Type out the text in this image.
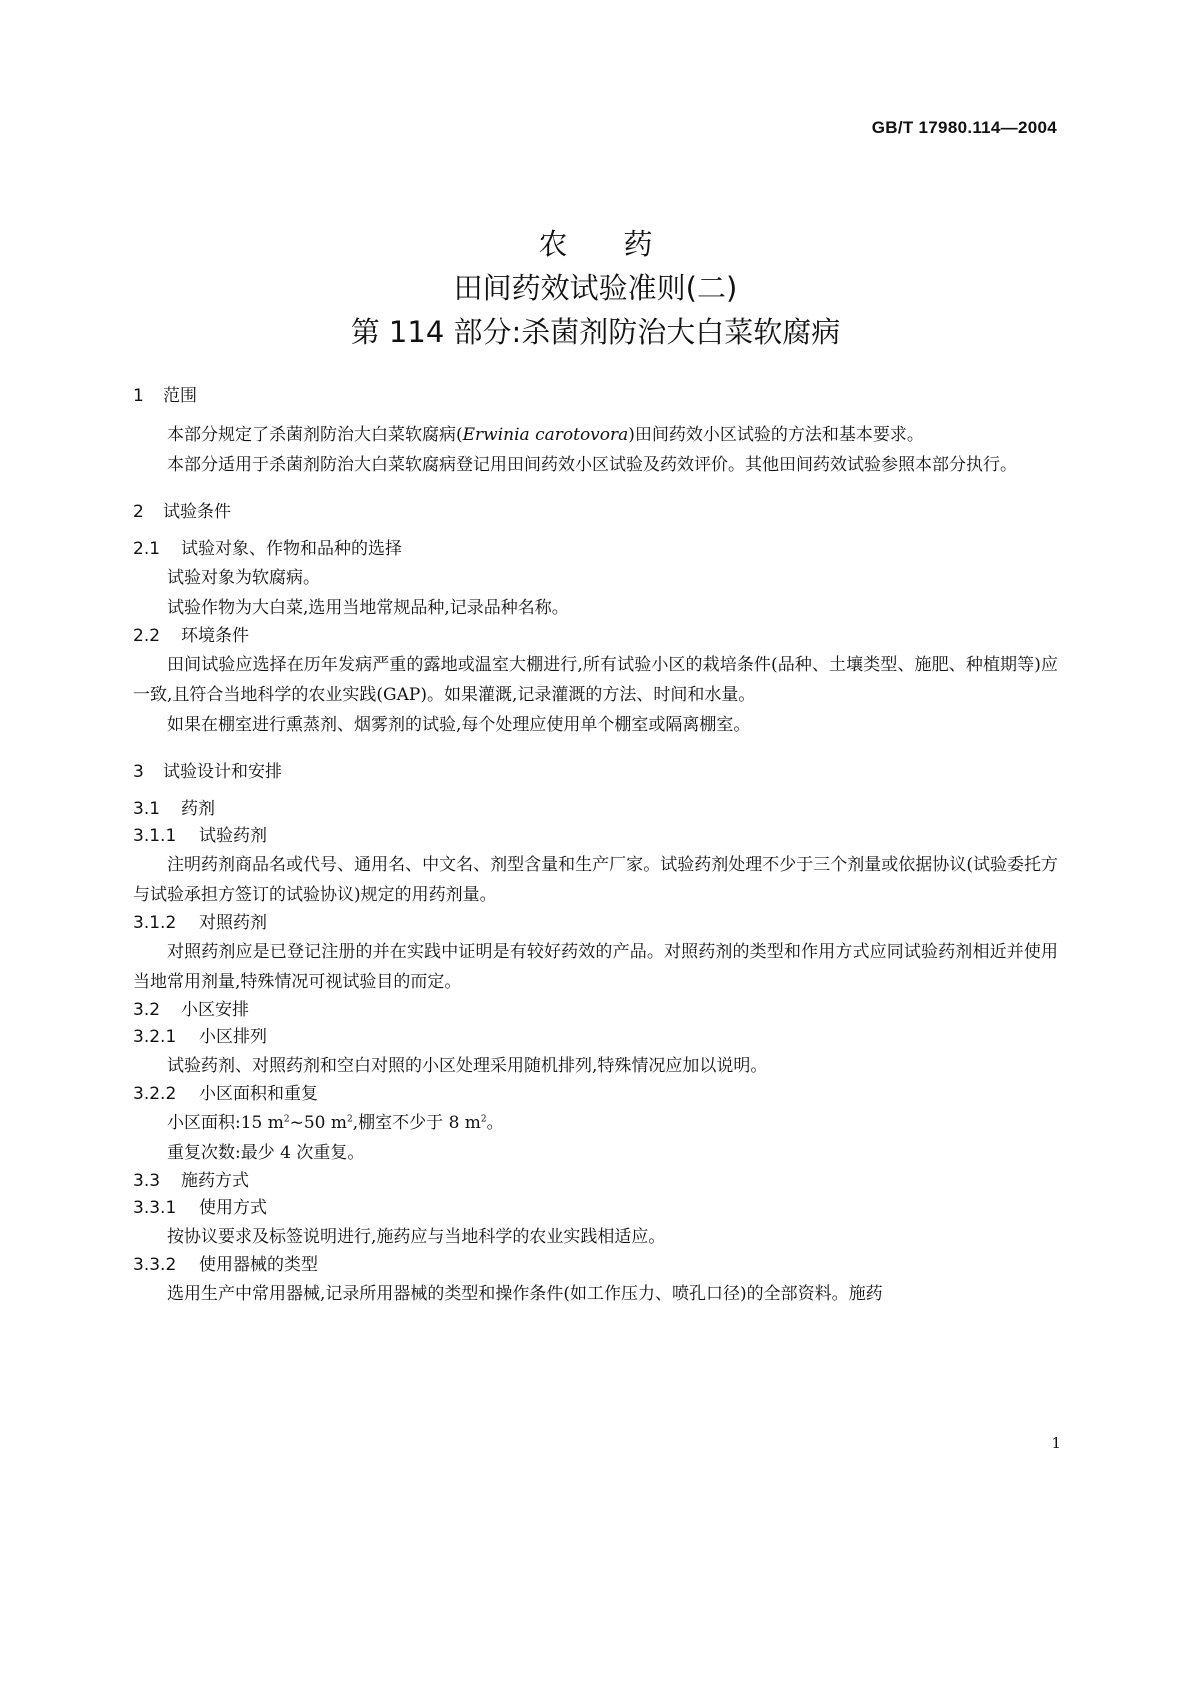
GB/T 17980.114—2004
农药
田间药效试验准则(二)
第 114 部分:杀菌剂防治大白菜软腐病
1 范围

本部分规定了杀菌剂防治大白菜软腐病(Erwinia carotovora)田间药效小区试验的方法和基本要求。

本部分适用于杀菌剂防治大白菜软腐病登记用田间药效小区试验及药效评价。其他田间药效试验参照本部分执行。

2 试验条件
2.1 试验对象、作物和品种的选择

试验对象为软腐病。

试验作物为大白菜,选用当地常规品种,记录品种名称。

2.2 环境条件

田间试验应选择在历年发病严重的露地或温室大棚进行,所有试验小区的栽培条件(品种、土壤类型、施肥、种植期等)应一致,且符合当地科学的农业实践(GAP)。如果灌溉,记录灌溉的方法、时间和水量。

如果在棚室进行熏蒸剂、烟雾剂的试验,每个处理应使用单个棚室或隔离棚室。

3 试验设计和安排
3.1 药剂
3.1.1 试验药剂

注明药剂商品名或代号、通用名、中文名、剂型含量和生产厂家。试验药剂处理不少于三个剂量或依据协议(试验委托方与试验承担方签订的试验协议)规定的用药剂量。

3.1.2 对照药剂

对照药剂应是已登记注册的并在实践中证明是有较好药效的产品。对照药剂的类型和作用方式应同试验药剂相近并使用当地常用剂量,特殊情况可视试验目的而定。

3.2 小区安排
3.2.1 小区排列

试验药剂、对照药剂和空白对照的小区处理采用随机排列,特殊情况应加以说明。

3.2.2 小区面积和重复

小区面积:15 $m^2\sim 50$ $m^2$,棚室不少于 8 $m^2$。

重复次数:最少 4 次重复。

3.3 施药方式
3.3.1 使用方式

按协议要求及标签说明进行,施药应与当地科学的农业实践相适应。

3.3.2 使用器械的类型

选用生产中常用器械,记录所用器械的类型和操作条件(如工作压力、喷孔口径)的全部资料。施药

1
